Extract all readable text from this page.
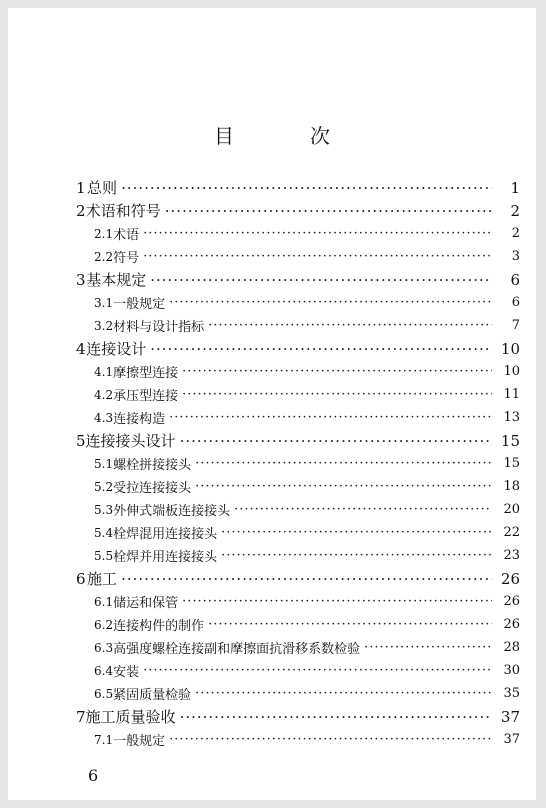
目　次
1 总则 ·····	1
2 术语和符号 ·····	2
2.1 术语 ·····	2
2.2 符号 ·····	3
3 基本规定 ·····	6
3.1 一般规定 ·····	6
3.2 材料与设计指标 ·····	7
4 连接设计 ·····	10
4.1 摩擦型连接 ·····	10
4.2 承压型连接 ·····	11
4.3 连接构造 ·····	13
5 连接接头设计 ·····	15
5.1 螺栓拼接接头 ·····	15
5.2 受拉连接接头 ·····	18
5.3 外伸式端板连接接头 ·····	20
5.4 栓焊混用连接接头 ·····	22
5.5 栓焊并用连接接头 ·····	23
6 施工 ·····	26
6.1 储运和保管 ·····	26
6.2 连接构件的制作 ·····	26
6.3 高强度螺栓连接副和摩擦面抗滑移系数检验 ·····	28
6.4 安装 ·····	30
6.5 紧固质量检验 ·····	35
7 施工质量验收 ·····	37
7.1 一般规定 ·····	37
6
